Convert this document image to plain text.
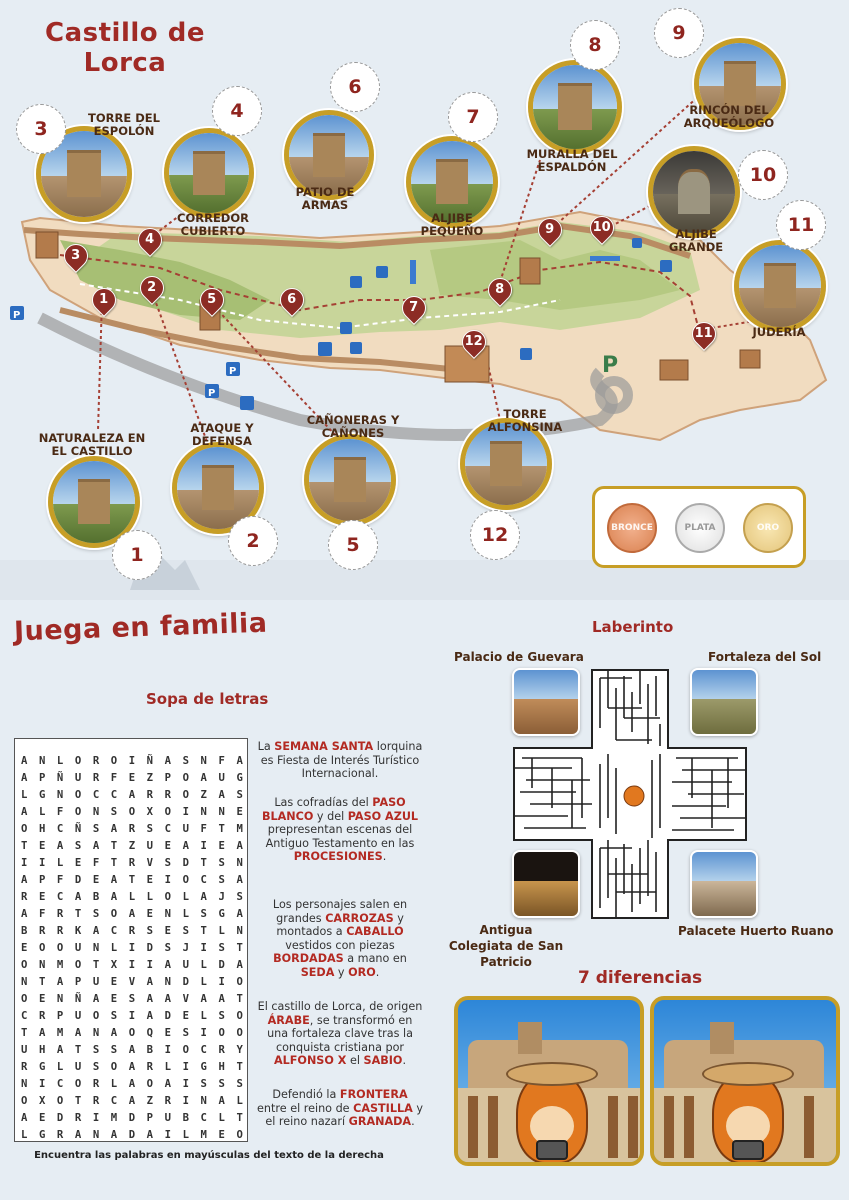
P
P
P
P
Castillo de Lorca
3
4
6
7
8
9
10
11
1
2	5	12
TORRE DEL ESPOLÓN
CORREDOR CUBIERTO
PATIO DE ARMAS
ALJIBE PEQUEÑO
MURALLA DEL ESPALDÓN
RINCÓN DEL ARQUEÓLOGO
ALJIBE GRANDE
JUDERÍA
NATURALEZA EN EL CASTILLO
ATAQUE Y DEFENSA
CAÑONERAS Y CAÑONES
TORRE ALFONSINA
3
4
1
2
5	6
7
8
9	10
11
12
BRONCE	PLATA	ORO
Juega en familia
Sopa de letras
A N L O R O I Ñ A S N F A
A P Ñ U R F E Z P O A U G
L G N O C C A R R O Z A S
A L F O N S O X O I N N E
O H C Ñ S A R S C U F T M
T E A S A T Z U E A I E A
I I L E F T R V S D T S N
A P F D E A T E I O C S A
R E C A B A L L O L A J S
A F R T S O A E N L S G A
B R R K A C R S E S T L N
E O O U N L I D S J I S T
O N M O T X I I A U L D A
N T A P U E V A N D L I O
O E N Ñ A E S A A V A A T
C R P U O S I A D E L S O
T A M A N A O Q E S I O O
U H A T S S A B I O C R Y
R G L U S O A R L I G H T
N I C O R L A O A I S S S
O X O T R C A Z R I N A L
A E D R I M D P U B C L T
L G R A N A D A I L M E O
La SEMANA SANTA lorquina es Fiesta de Interés Turístico Internacional.
Las cofradías del PASO BLANCO y del PASO AZUL prepresentan escenas del Antiguo Testamento en las PROCESIONES.
Los personajes salen en grandes CARROZAS y montados a CABALLO vestidos con piezas BORDADAS a mano en SEDA y ORO.
El castillo de Lorca, de origen ÁRABE, se transformó en una fortaleza clave tras la conquista cristiana por ALFONSO X el SABIO.
Defendió la FRONTERA entre el reino de CASTILLA y el reino nazarí GRANADA.
Encuentra las palabras en mayúsculas del texto de la derecha
Laberinto
Palacio de Guevara	Fortaleza del Sol
Antigua Colegiata de San Patricio
Palacete Huerto Ruano
7 diferencias
